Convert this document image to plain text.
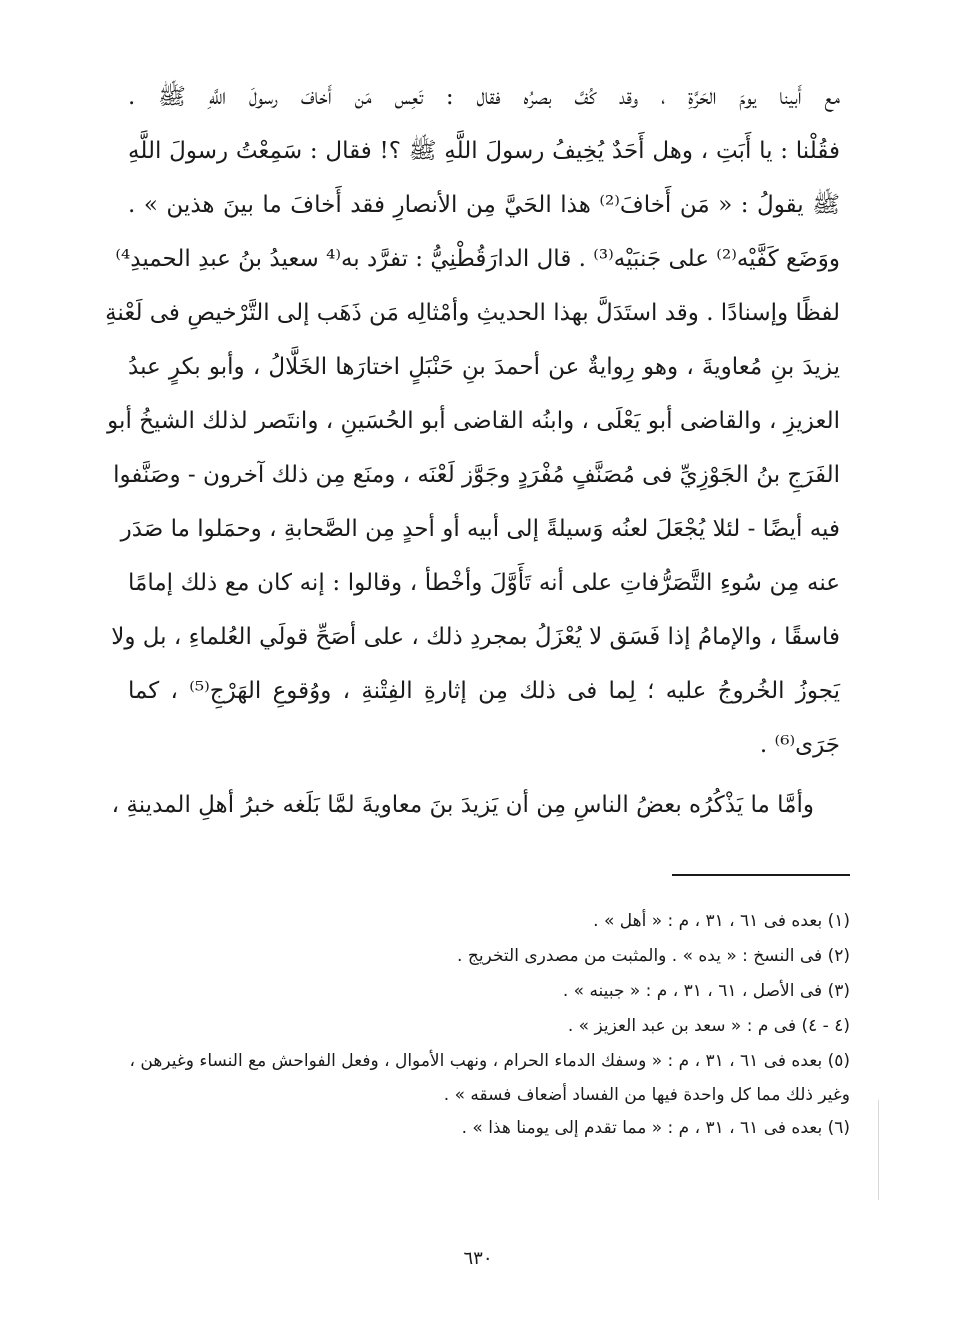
مع أَبينا يومَ الحَرَّةِ ، وقد كُفَّ بصرُه فقال : تَعِس مَن أَخافَ رسولَ اللَّهِ ﷺ .
فقُلْنا : يا أَبَتِ ، وهل أَحَدٌ يُخِيفُ رسولَ اللَّهِ ﷺ ؟! فقال : سَمِعْتُ رسولَ اللَّهِ
ﷺ يقولُ : « مَن أَخافَ⁽²⁾ هذا الحَيَّ مِن الأنصارِ فقد أَخافَ ما بينَ هذين » .
ووَضَع كَفَّيْه⁽²⁾ على جَنبَيْه⁽³⁾ . قال الدارَقُطْنِيُّ : تفرَّد به⁽⁴ سعيدُ بنُ عبدِ الحميدِ⁴⁾
لفظًا وإسنادًا . وقد استَدَلَّ بهذا الحديثِ وأمْثالِه مَن ذَهَب إلى التَّرْخيصِ فى لَعْنةِ
يزيدَ بنِ مُعاويةَ ، وهو رِوايةٌ عن أحمدَ بنِ حَنْبَلٍ اختارَها الخَلَّالُ ، وأبو بكرٍ عبدُ
العزيزِ ، والقاضى أبو يَعْلَى ، وابنُه القاضى أبو الحُسَينِ ، وانتَصر لذلك الشيخُ أبو
الفَرَجِ بنُ الجَوْزِيِّ فى مُصَنَّفٍ مُفْرَدٍ وجَوَّز لَعْنَه ، ومنَع مِن ذلك آخرون - وصَنَّفوا
فيه أيضًا - لئلا يُجْعَلَ لعنُه وَسيلةً إلى أبيه أو أحدٍ مِن الصَّحابةِ ، وحمَلوا ما صَدَر
عنه مِن سُوءِ التَّصَرُّفاتِ على أنه تَأَوَّلَ وأخْطأ ، وقالوا : إنه كان مع ذلك إمامًا
فاسقًا ، والإمامُ إذا فَسَق لا يُعْزَلُ بمجردِ ذلك ، على أصَحِّ قولَي العُلماءِ ، بل ولا
يَجوزُ الخُروجُ عليه ؛ لِما فى ذلك مِن إثارةِ الفِتْنةِ ، ووُقوعِ الهَرْجِ⁽⁵⁾ ، كما
جَرَى⁽⁶⁾ .
وأمَّا ما يَذْكُرُه بعضُ الناسِ مِن أن يَزيدَ بنَ معاويةَ لمَّا بَلَغه خبرُ أهلِ المدينةِ ،
(١) بعده فى ٦١ ، ٣١ ، م : « أهل » .
(٢) فى النسخ : « يده » . والمثبت من مصدرى التخريج .
(٣) فى الأصل ، ٦١ ، ٣١ ، م : « جبينه » .
(٤ - ٤) فى م : « سعد بن عبد العزيز » .
(٥) بعده فى ٦١ ، ٣١ ، م : « وسفك الدماء الحرام ، ونهب الأموال ، وفعل الفواحش مع النساء وغيرهن ،
وغير ذلك مما كل واحدة فيها من الفساد أضعاف فسقه » .
(٦) بعده فى ٦١ ، ٣١ ، م : « مما تقدم إلى يومنا هذا » .
٦٣٠
